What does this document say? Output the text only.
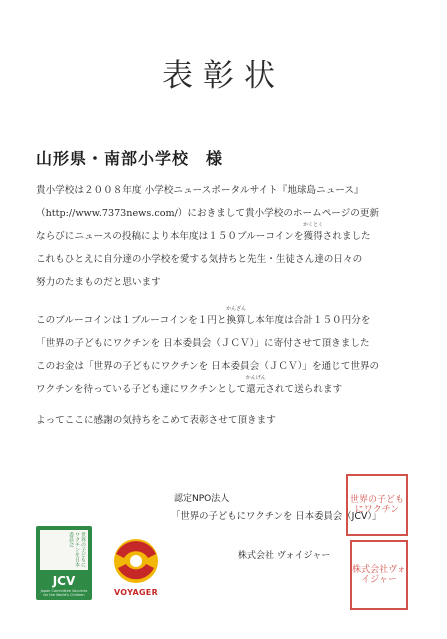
表彰状
山形県・南部小学校　様
貴小学校は２００８年度 小学校ニュースポータルサイト『地球島ニュース』
（http://www.7373news.com/）におきまして貴小学校のホームページの更新
ならびにニュースの投稿により本年度は１５０ブルーコインを
かくとく
獲得されました
これもひとえに自分達の小学校を愛する気持ちと先生・生徒さん達の日々の
努力のたまものだと思います
このブルーコインは１ブルーコインを１円と
かんざん
換算し本年度は合計１５０円分を
「世界の子どもにワクチンを 日本委員会（ＪＣＶ）」に寄付させて頂きました
このお金は「世界の子どもにワクチンを 日本委員会（ＪＣＶ）」を通じて世界の
ワクチンを待っている子ども達にワクチンとして
かんげん
還元されて送られます
よってここに感謝の気持ちをこめて表彰させて頂きます
認定NPO法人
「世界の子どもにワクチンを 日本委員会（JCV）」
株式会社 ヴォイジャー
世界の子どもにワクチン
株式会社ヴォイジャー
世界の子どもにワクチンを日本委員会
JCV
Japan Committee Vaccines for the World's Children	VOYAGER
